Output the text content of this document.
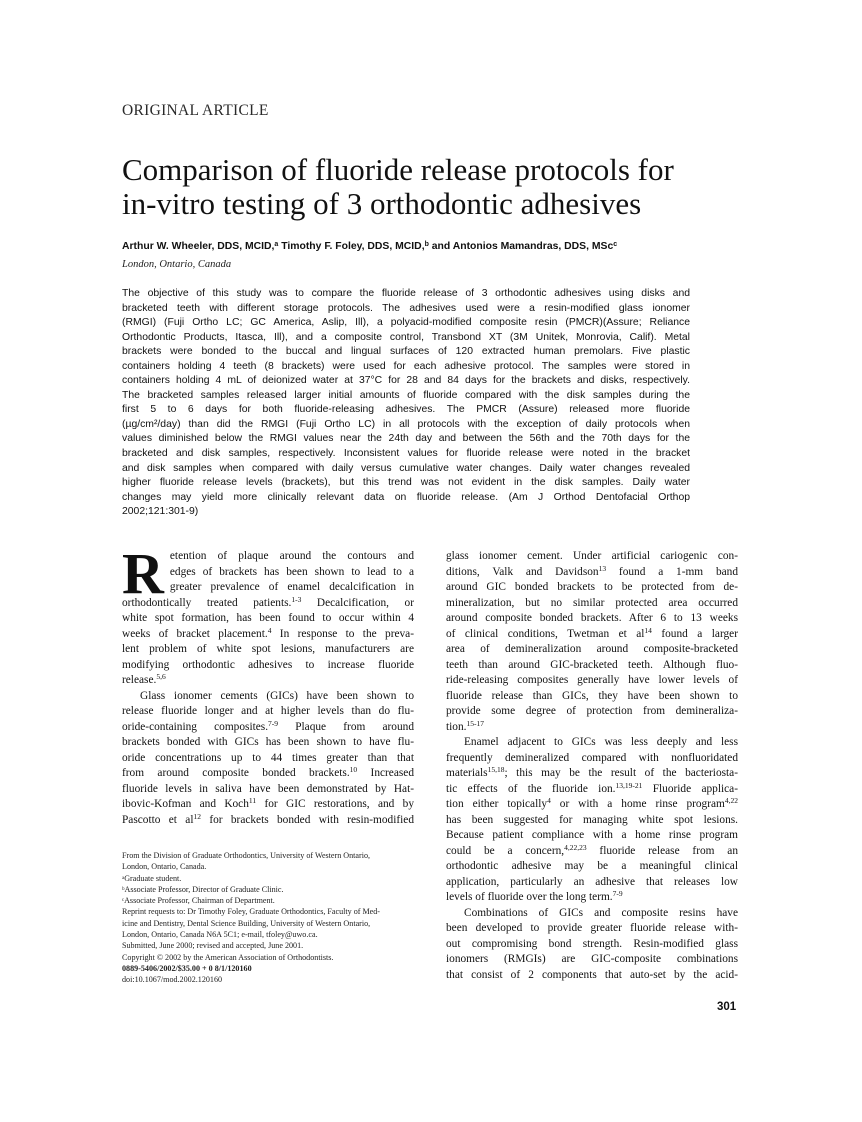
ORIGINAL ARTICLE
Comparison of fluoride release protocols for
in-vitro testing of 3 orthodontic adhesives
Arthur W. Wheeler, DDS, MCID,$^a$ Timothy F. Foley, DDS, MCID,$^b$ and Antonios Mamandras, DDS, MSc$^c$
London, Ontario, Canada
The objective of this study was to compare the fluoride release of 3 orthodontic adhesives using disks and
bracketed teeth with different storage protocols. The adhesives used were a resin-modified glass ionomer
(RMGI) (Fuji Ortho LC; GC America, Aslip, Ill), a polyacid-modified composite resin (PMCR)(Assure; Reliance
Orthodontic Products, Itasca, Ill), and a composite control, Transbond XT (3M Unitek, Monrovia, Calif). Metal
brackets were bonded to the buccal and lingual surfaces of 120 extracted human premolars. Five plastic
containers holding 4 teeth (8 brackets) were used for each adhesive protocol. The samples were stored in
containers holding 4 mL of deionized water at 37°C for 28 and 84 days for the brackets and disks, respectively.
The bracketed samples released larger initial amounts of fluoride compared with the disk samples during the
first 5 to 6 days for both fluoride-releasing adhesives. The PMCR (Assure) released more fluoride
(µg/cm²/day) than did the RMGI (Fuji Ortho LC) in all protocols with the exception of daily protocols when
values diminished below the RMGI values near the 24th day and between the 56th and the 70th days for the
bracketed and disk samples, respectively. Inconsistent values for fluoride release were noted in the bracket
and disk samples when compared with daily versus cumulative water changes. Daily water changes revealed
higher fluoride release levels (brackets), but this trend was not evident in the disk samples. Daily water
changes may yield more clinically relevant data on fluoride release. (Am J Orthod Dentofacial Orthop
2002;121:301-9)
R etention of plaque around the contours and
edges of brackets has been shown to lead to a
greater prevalence of enamel decalcification in
orthodontically treated patients.$^{1-3}$ Decalcification, or
white spot formation, has been found to occur within 4
weeks of bracket placement.$^4$ In response to the preva-
lent problem of white spot lesions, manufacturers are
modifying orthodontic adhesives to increase fluoride
release.$^{5,6}$
Glass ionomer cements (GICs) have been shown to
release fluoride longer and at higher levels than do flu-
oride-containing composites.$^{7-9}$ Plaque from around
brackets bonded with GICs has been shown to have flu-
oride concentrations up to 44 times greater than that
from around composite bonded brackets.$^{10}$ Increased
fluoride levels in saliva have been demonstrated by Hat-
ibovic-Kofman and Koch$^{11}$ for GIC restorations, and by
Pascotto et $al^{12}$ for brackets bonded with resin-modified
glass ionomer cement. Under artificial cariogenic con-
ditions, Valk and Davidson$^{13}$ found a 1-mm band
around GIC bonded brackets to be protected from de-
mineralization, but no similar protected area occurred
around composite bonded brackets. After 6 to 13 weeks
of clinical conditions, Twetman et $al^{14}$ found a larger
area of demineralization around composite-bracketed
teeth than around GIC-bracketed teeth. Although fluo-
ride-releasing composites generally have lower levels of
fluoride release than GICs, they have been shown to
provide some degree of protection from demineraliza-
tion.$^{15-17}$
Enamel adjacent to GICs was less deeply and less
frequently demineralized compared with nonfluoridated
materials$^{15,18}$; this may be the result of the bacteriosta-
tic effects of the fluoride ion.$^{13,19-21}$ Fluoride applica-
tion either topically$^4$ or with a home rinse program$^{4,22}$
has been suggested for managing white spot lesions.
Because patient compliance with a home rinse program
could be a concern,$^{4,22,23}$ fluoride release from an
orthodontic adhesive may be a meaningful clinical
application, particularly an adhesive that releases low
levels of fluoride over the long term.$^{7-9}$
Combinations of GICs and composite resins have
been developed to provide greater fluoride release with-
out compromising bond strength. Resin-modified glass
ionomers (RMGIs) are GIC-composite combinations
that consist of 2 components that auto-set by the acid-
From the Division of Graduate Orthodontics, University of Western Ontario,
London, Ontario, Canada.
ᵃGraduate student.
ᵇAssociate Professor, Director of Graduate Clinic.
ᶜAssociate Professor, Chairman of Department.
Reprint requests to: Dr Timothy Foley, Graduate Orthodontics, Faculty of Med-
icine and Dentistry, Dental Science Building, University of Western Ontario,
London, Ontario, Canada N6A 5C1; e-mail, tfoley@uwo.ca.
Submitted, June 2000; revised and accepted, June 2001.
Copyright © 2002 by the American Association of Orthodontists.
0889-5406/2002/$35.00 + 0 8/1/120160
doi:10.1067/mod.2002.120160
301
